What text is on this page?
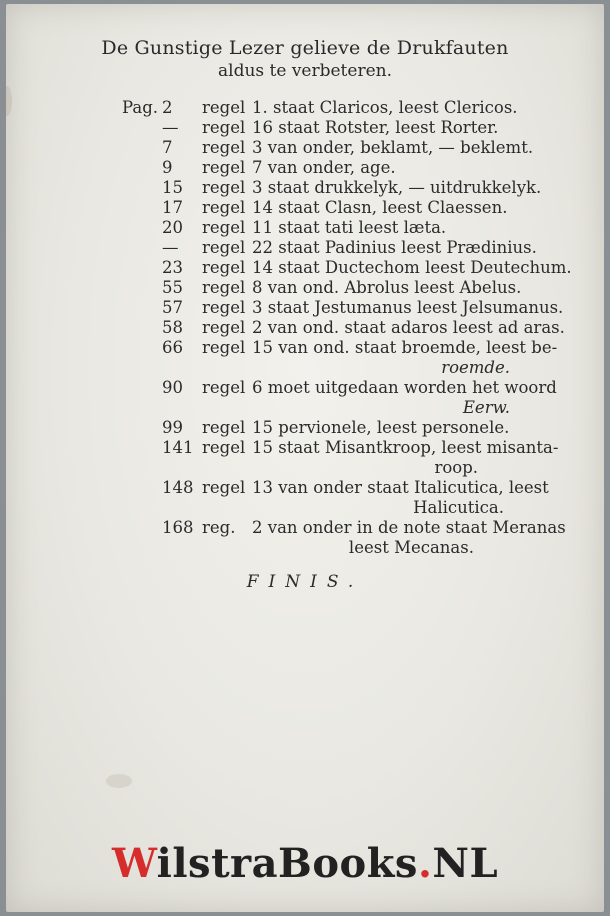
De Gunstige Lezer gelieve de Drukfauten
aldus te verbeteren.
Pag. 2	regel 1. staat Claricos, leest Clericos.
—	regel 16 staat Rotster, leest Rorter.
7	regel 3 van onder, beklamt, — beklemt.
9	regel 7 van onder, age.
15	regel 3 staat drukkelyk, — uitdrukkelyk.
17	regel 14 staat Clasn, leest Claessen.
20	regel 11 staat tati leest læta.
—	regel 22 staat Padinius leest Prædinius.
23	regel 14 staat Ductechom leest Deutechum.
55	regel 8 van ond. Abrolus leest Abelus.
57	regel 3 staat Jestumanus leest Jelsumanus.
58	regel 2 van ond. staat adaros leest ad aras.
66	regel 15 van ond. staat broemde, leest be-
roemde.
90	regel 6 moet uitgedaan worden het woord
Eerw.
99	regel 15 pervionele, leest personele.
141 regel 15 staat Misantkroop, leest misanta-
roop.
148 regel 13 van onder staat Italicutica, leest
Halicutica.
168 reg. 2 van onder in de note staat Meranas
leest Mecanas.
FINIS.
WilstraBooks.NL
